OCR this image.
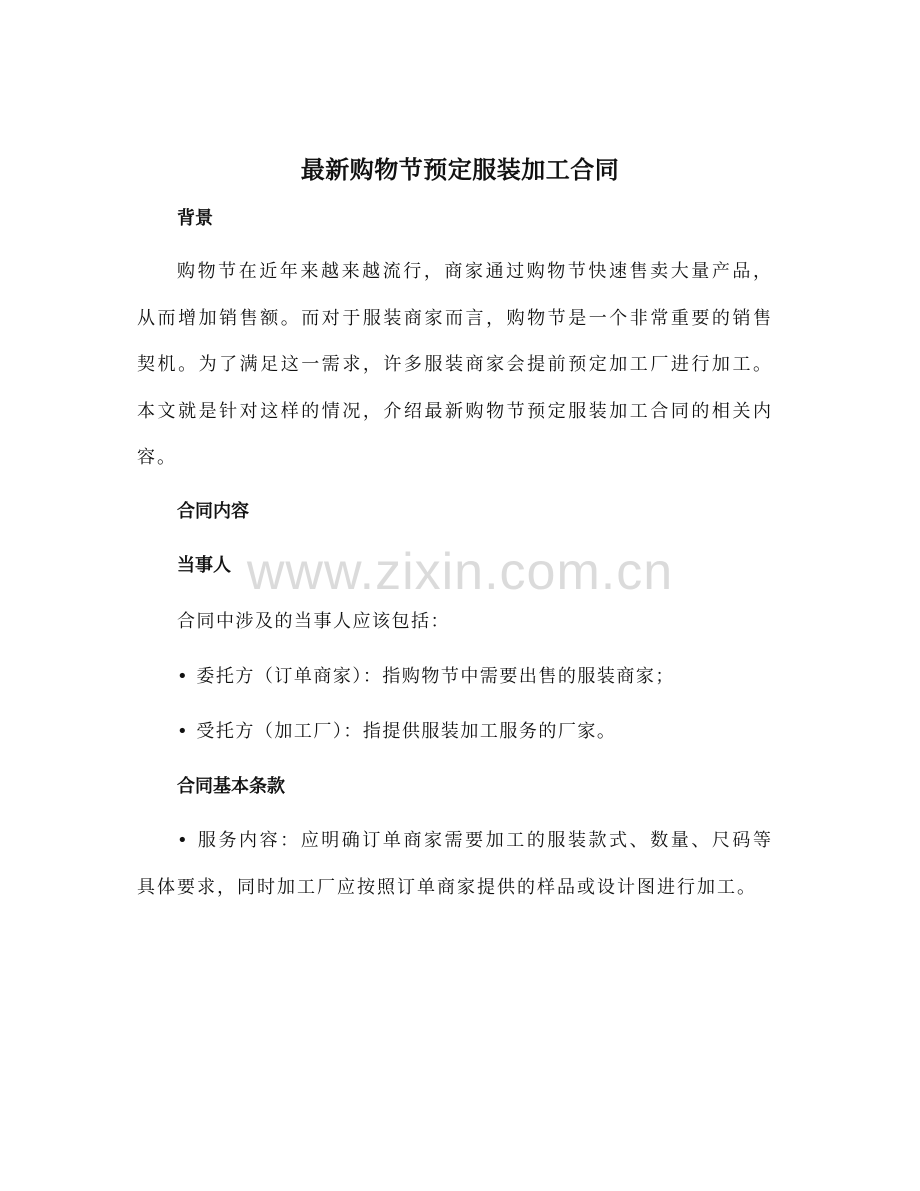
最新购物节预定服装加工合同
背景

购物节在近年来越来越流行，商家通过购物节快速售卖大量产品，从而增加销售额。而对于服装商家而言，购物节是一个非常重要的销售契机。为了满足这一需求，许多服装商家会提前预定加工厂进行加工。本文就是针对这样的情况，介绍最新购物节预定服装加工合同的相关内容。

合同内容
当事人
合同中涉及的当事人应该包括：
• 委托方（订单商家）：指购物节中需要出售的服装商家；
• 受托方（加工厂）：指提供服装加工服务的厂家。
合同基本条款

• 服务内容：应明确订单商家需要加工的服装款式、数量、尺码等具体要求，同时加工厂应按照订单商家提供的样品或设计图进行加工。

www.zixin.com.cn
